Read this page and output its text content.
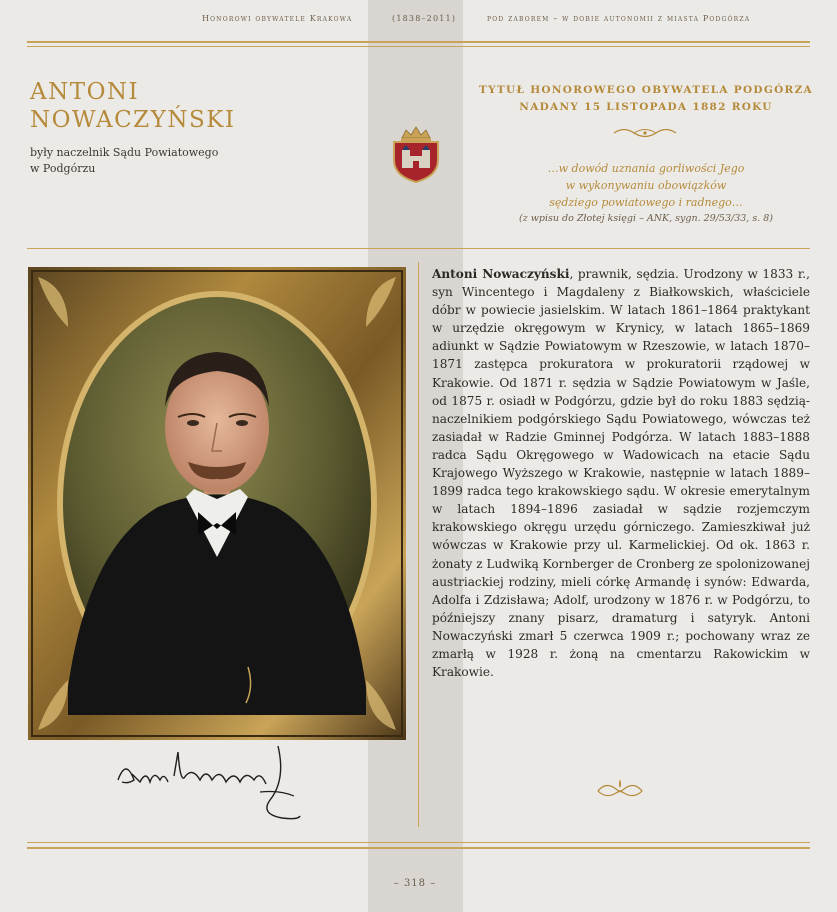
Honorowi obywatele Krakowa	(1838–2011)	pod zaborem – w dobie autonomii z miasta Podgórza
ANTONI
NOWACZYŃSKI
były naczelnik Sądu Powiatowego
w Podgórzu
TYTUŁ HONOROWEGO OBYWATELA PODGÓRZA
NADANY 15 LISTOPADA 1882 ROKU
…w dowód uznania gorliwości Jego
w wykonywaniu obowiązków
sędziego powiatowego i radnego…
(z wpisu do Złotej księgi – ANK, sygn. 29/53/33, s. 8)
Antoni Nowaczyński, prawnik, sędzia. Urodzony w 1833 r., syn Wincentego i Magdaleny z Białkowskich, właściciele dóbr w powiecie jasielskim. W latach 1861–1864 praktykant w urzędzie okręgowym w Krynicy, w latach 1865–1869 adiunkt w Sądzie Powiatowym w Rzeszowie, w latach 1870–1871 zastępca prokuratora w prokuratorii rządowej w Krakowie. Od 1871 r. sędzia w Sądzie Powiatowym w Jaśle, od 1875 r. osiadł w Podgórzu, gdzie był do roku 1883 sędzią-naczelnikiem podgórskiego Sądu Powiatowego, wówczas też zasiadał w Radzie Gminnej Podgórza. W latach 1883–1888 radca Sądu Okręgowego w Wadowicach na etacie Sądu Krajowego Wyższego w Krakowie, następnie w latach 1889–1899 radca tego krakowskiego sądu. W okresie emerytalnym w latach 1894–1896 zasiadał w sądzie rozjemczym krakowskiego okręgu urzędu górniczego. Zamieszkiwał już wówczas w Krakowie przy ul. Karmelickiej. Od ok. 1863 r. żonaty z Ludwiką Kornberger de Cronberg ze spolonizowanej austriackiej rodziny, mieli córkę Armandę i synów: Edwarda, Adolfa i Zdzisława; Adolf, urodzony w 1876 r. w Podgórzu, to późniejszy znany pisarz, dramaturg i satyryk. Antoni Nowaczyński zmarł 5 czerwca 1909 r.; pochowany wraz ze zmarłą w 1928 r. żoną na cmentarzu Rakowickim w Krakowie.
– 318 –
